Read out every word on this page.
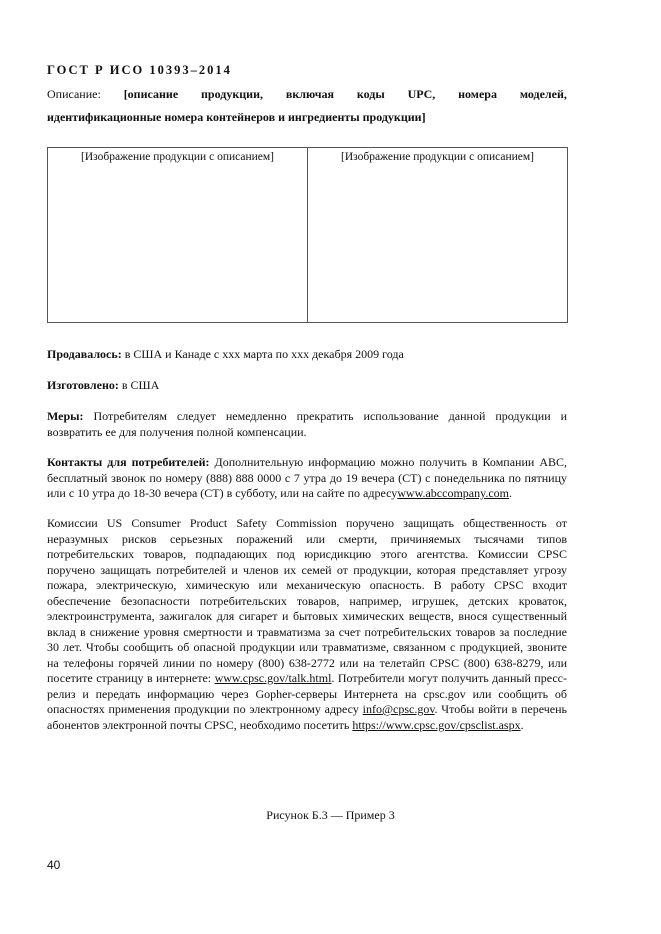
ГОСТ Р ИСО 10393–2014
Описание: [описание продукции, включая коды UPC, номера моделей,
идентификационные номера контейнеров и ингредиенты продукции]
[Изображение продукции с описанием]	[Изображение продукции с описанием]
Продавалось: в США и Канаде с xxx марта по xxx декабря 2009 года
Изготовлено: в США
Меры: Потребителям следует немедленно прекратить использование данной продукции и возвратить ее для получения полной компенсации.
Контакты для потребителей: Дополнительную информацию можно получить в Компании ABC, бесплатный звонок по номеру (888) 888 0000 с 7 утра до 19 вечера (CT) с понедельника по пятницу или с 10 утра до 18-30 вечера (CT) в субботу, или на сайте по адресуwww.abccompany.com.
Комиссии US Consumer Product Safety Commission поручено защищать общественность от неразумных рисков серьезных поражений или смерти, причиняемых тысячами типов потребительских товаров, подпадающих под юрисдикцию этого агентства. Комиссии CPSC поручено защищать потребителей и членов их семей от продукции, которая представляет угрозу пожара, электрическую, химическую или механическую опасность. В работу CPSC входит обеспечение безопасности потребительских товаров, например, игрушек, детских кроваток, электроинструмента, зажигалок для сигарет и бытовых химических веществ, внося существенный вклад в снижение уровня смертности и травматизма за счет потребительских товаров за последние 30 лет. Чтобы сообщить об опасной продукции или травматизме, связанном с продукцией, звоните на телефоны горячей линии по номеру (800) 638-2772 или на телетайп CPSC (800) 638-8279, или посетите страницу в интернете: www.cpsc.gov/talk.html. Потребители могут получить данный пресс-релиз и передать информацию через Gopher-серверы Интернета на cpsc.gov или сообщить об опасностях применения продукции по электронному адресу info@cpsc.gov. Чтобы войти в перечень абонентов электронной почты CPSC, необходимо посетить https://www.cpsc.gov/cpsclist.aspx.
Рисунок Б.3 — Пример 3
40
